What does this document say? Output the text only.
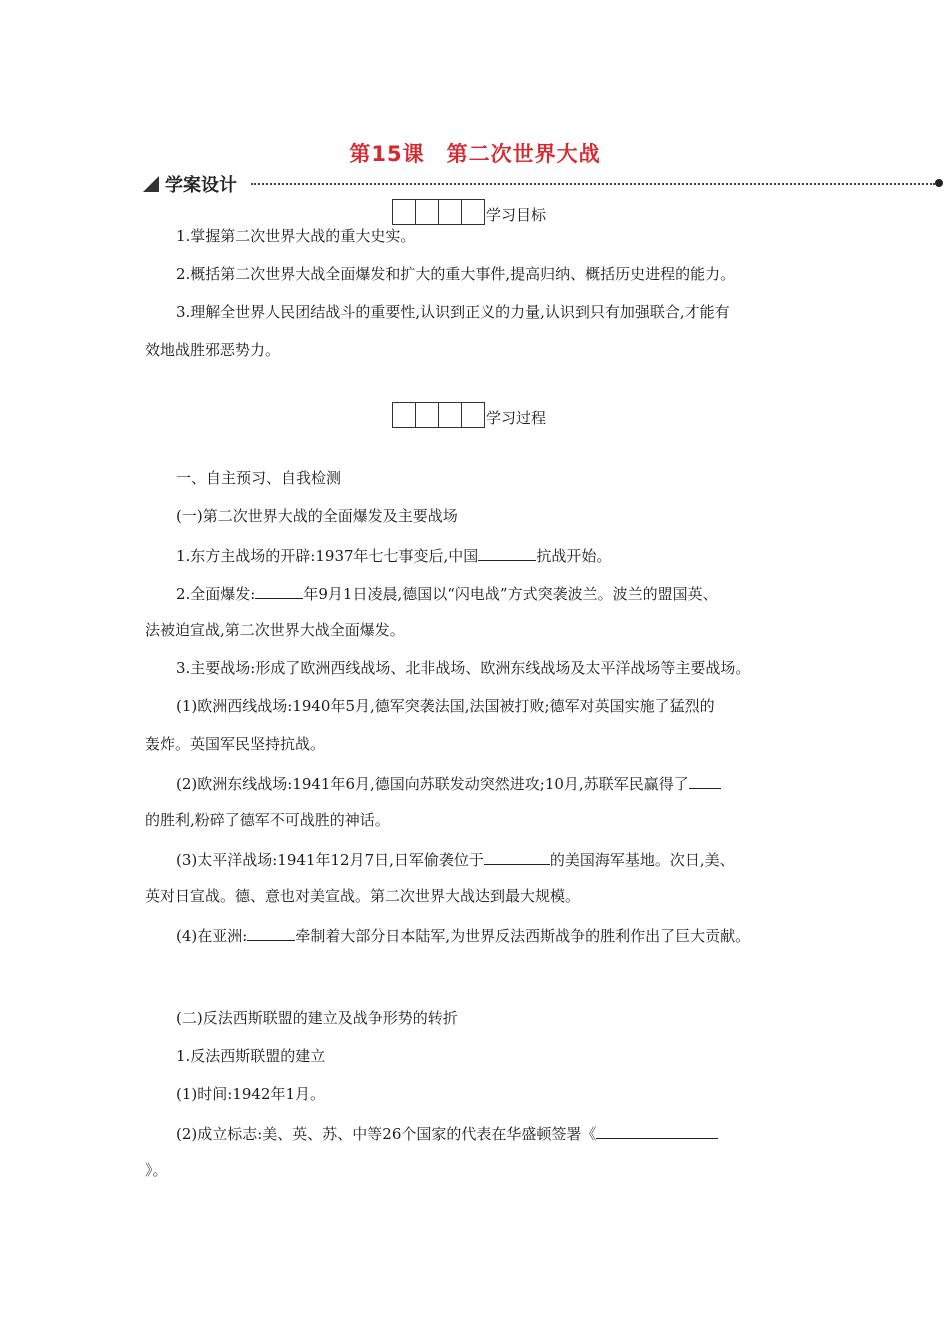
第15课　第二次世界大战
学案设计
学习目标
1.掌握第二次世界大战的重大史实。
2.概括第二次世界大战全面爆发和扩大的重大事件,提高归纳、概括历史进程的能力。
3.理解全世界人民团结战斗的重要性,认识到正义的力量,认识到只有加强联合,才能有
效地战胜邪恶势力。
学习过程
一、自主预习、自我检测
(一)第二次世界大战的全面爆发及主要战场
1.东方主战场的开辟:1937年七七事变后,中国	抗战开始。
2.全面爆发:	年9月1日凌晨,德国以“闪电战”方式突袭波兰。波兰的盟国英、
法被迫宣战,第二次世界大战全面爆发。
3.主要战场:形成了欧洲西线战场、北非战场、欧洲东线战场及太平洋战场等主要战场。
(1)欧洲西线战场:1940年5月,德军突袭法国,法国被打败;德军对英国实施了猛烈的
轰炸。英国军民坚持抗战。
(2)欧洲东线战场:1941年6月,德国向苏联发动突然进攻;10月,苏联军民赢得了
的胜利,粉碎了德军不可战胜的神话。
(3)太平洋战场:1941年12月7日,日军偷袭位于	的美国海军基地。次日,美、
英对日宣战。德、意也对美宣战。第二次世界大战达到最大规模。
(4)在亚洲:	牵制着大部分日本陆军,为世界反法西斯战争的胜利作出了巨大贡献。
(二)反法西斯联盟的建立及战争形势的转折
1.反法西斯联盟的建立
(1)时间:1942年1月。
(2)成立标志:美、英、苏、中等26个国家的代表在华盛顿签署《
》。
